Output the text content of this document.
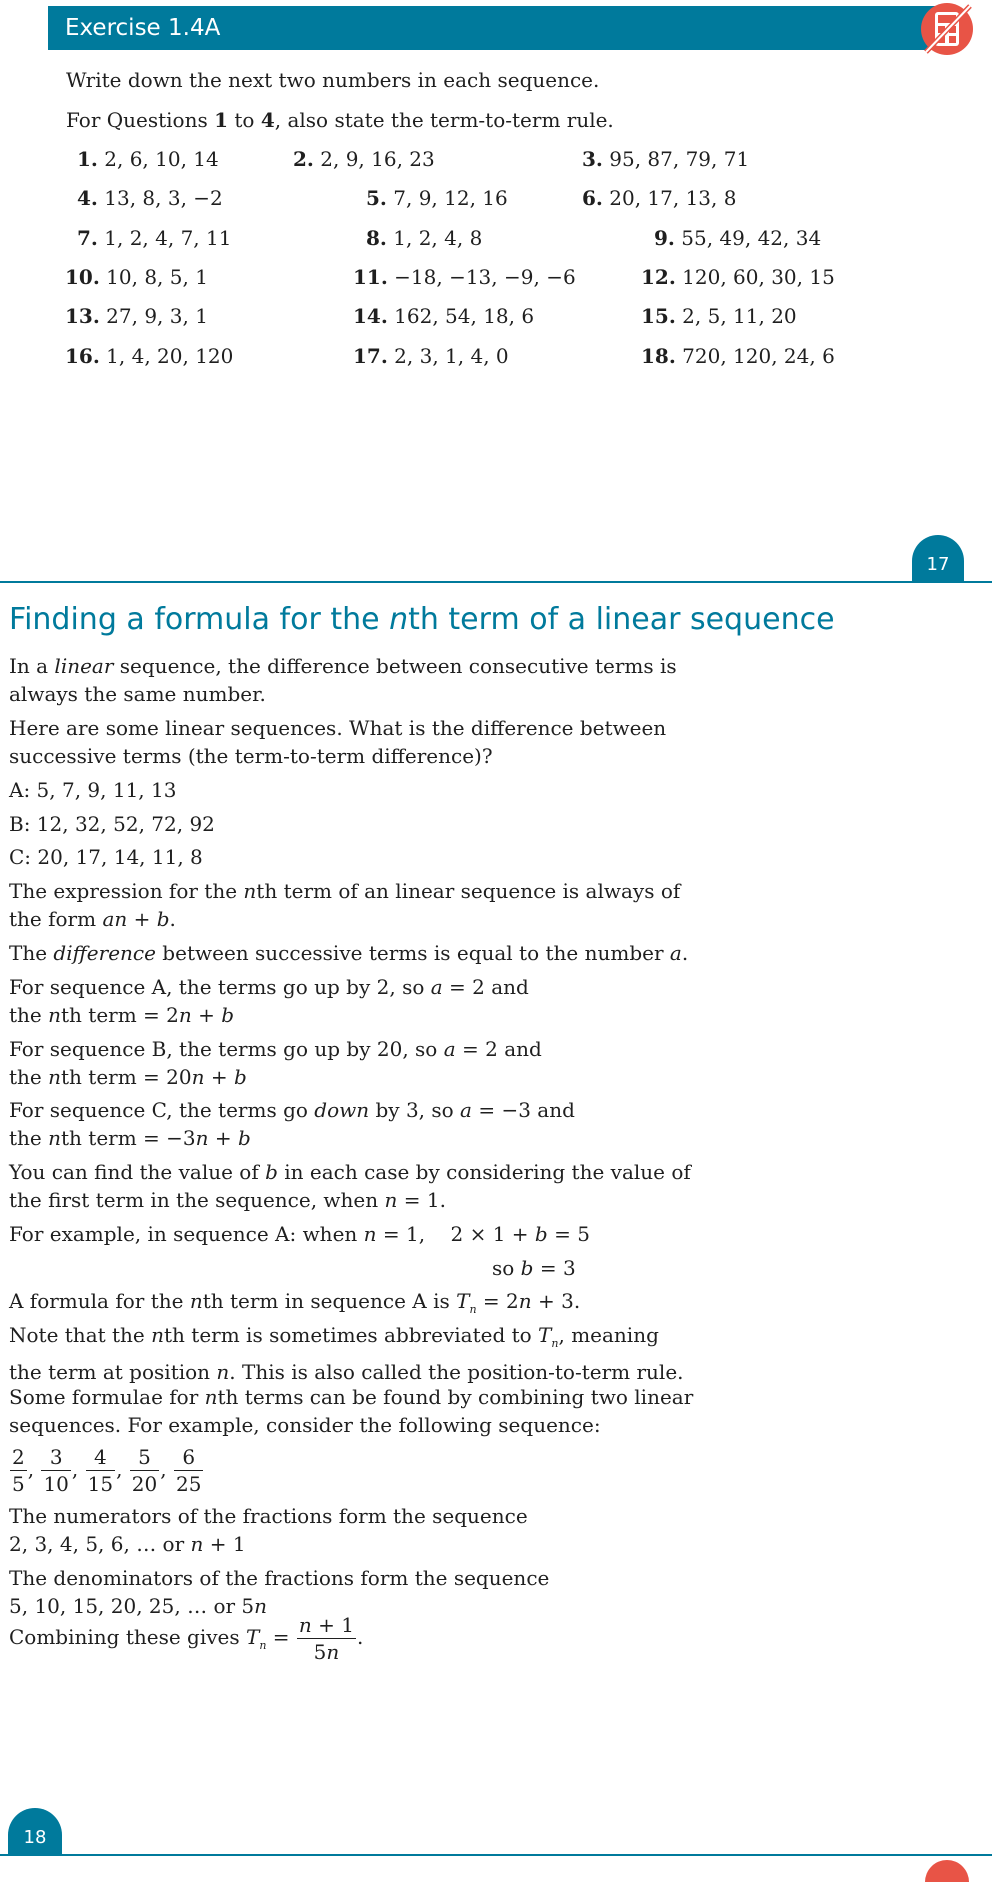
Exercise 1.4A
Write down the next two numbers in each sequence.
For Questions 1 to 4, also state the term-to-term rule.
1. 2, 6, 10, 14	2. 2, 9, 16, 23	3. 95, 87, 79, 71
4. 13, 8, 3, −2	5. 7, 9, 12, 16	6. 20, 17, 13, 8
7. 1, 2, 4, 7, 11	8. 1, 2, 4, 8	9. 55, 49, 42, 34
10. 10, 8, 5, 1	11. −18, −13, −9, −6	12. 120, 60, 30, 15
13. 27, 9, 3, 1	14. 162, 54, 18, 6	15. 2, 5, 11, 20
16. 1, 4, 20, 120	17. 2, 3, 1, 4, 0	18. 720, 120, 24, 6
17
Finding a formula for the nth term of a linear sequence
In a linear sequence, the difference between consecutive terms is
always the same number.
Here are some linear sequences. What is the difference between
successive terms (the term-to-term difference)?
A: 5, 7, 9, 11, 13
B: 12, 32, 52, 72, 92
C: 20, 17, 14, 11, 8
The expression for the nth term of an linear sequence is always of
the form an + b.
The difference between successive terms is equal to the number a.
For sequence A, the terms go up by 2, so a = 2 and
the nth term = 2n + b
For sequence B, the terms go up by 20, so a = 2 and
the nth term = 20n + b
For sequence C, the terms go down by 3, so a = −3 and
the nth term = −3n + b
You can find the value of b in each case by considering the value of
the first term in the sequence, when n = 1.
For example, in sequence A: when n = 1,    2 × 1 + b = 5
so b = 3
A formula for the nth term in sequence A is $T_n = 2n + 3$.
Note that the nth term is sometimes abbreviated to $T_n$, meaning
the term at position n. This is also called the position-to-term rule.
Some formulae for nth terms can be found by combining two linear
sequences. For example, consider the following sequence:
$\frac{2}{5}$ , $\frac{3}{10}$ , $\frac{4}{15}$ , $\frac{5}{20}$ , $\frac{6}{25}$
The numerators of the fractions form the sequence
2, 3, 4, 5, 6, … or n + 1
The denominators of the fractions form the sequence
5, 10, 15, 20, 25, … or 5n
Combining these gives $T_n = \frac{n + 1}{5n}$ .
18
